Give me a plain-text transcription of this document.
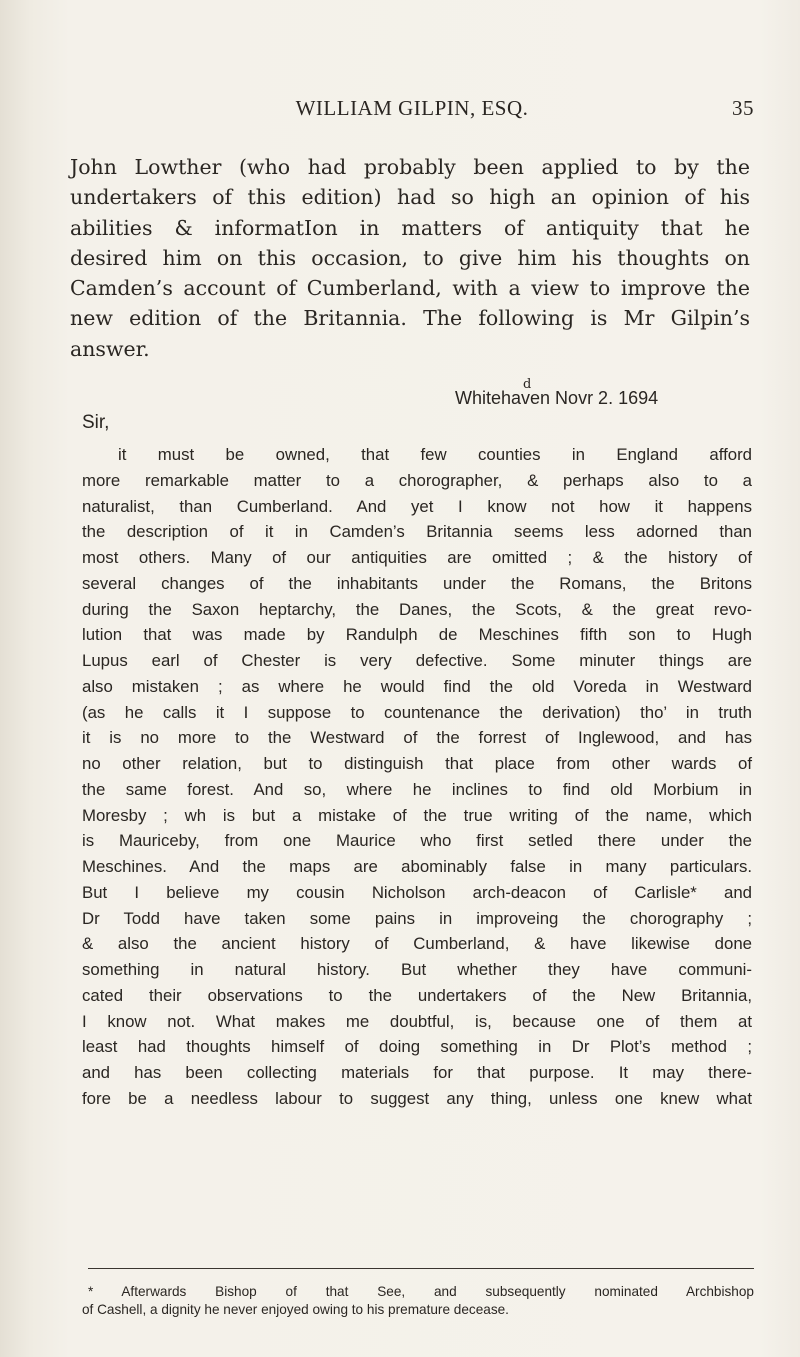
WILLIAM GILPIN, ESQ.	35

John Lowther (who had probably been applied to by the
undertakers of this edition) had so high an opinion of his
abilities & informatIon in matters of antiquity that he
desired him on this occasion, to give him his thoughts on
Camden’s account of Cumberland, with a view to improve the
new edition of the Britannia. The following is Mr Gilpin’s
answer.

d
Whitehaven Novr 2. 1694
Sir,

it must be owned, that few counties in England afford
more remarkable matter to a chorographer, & perhaps also to a
naturalist, than Cumberland. And yet I know not how it happens
the description of it in Camden’s Britannia seems less adorned than
most others. Many of our antiquities are omitted ; & the history of
several changes of the inhabitants under the Romans, the Britons
during the Saxon heptarchy, the Danes, the Scots, & the great revo-
lution that was made by Randulph de Meschines fifth son to Hugh
Lupus earl of Chester is very defective. Some minuter things are
also mistaken ; as where he would find the old Voreda in Westward
(as he calls it I suppose to countenance the derivation) tho’ in truth
it is no more to the Westward of the forrest of Inglewood, and has
no other relation, but to distinguish that place from other wards of
the same forest. And so, where he inclines to find old Morbium in
Moresby ; wh is but a mistake of the true writing of the name, which
is Mauriceby, from one Maurice who first setled there under the
Meschines. And the maps are abominably false in many particulars.
But I believe my cousin Nicholson arch-deacon of Carlisle* and
Dr Todd have taken some pains in improveing the chorography ;
& also the ancient history of Cumberland, & have likewise done
something in natural history. But whether they have communi-
cated their observations to the undertakers of the New Britannia,
I know not. What makes me doubtful, is, because one of them at
least had thoughts himself of doing something in Dr Plot’s method ;
and has been collecting materials for that purpose. It may there-
fore be a needless labour to suggest any thing, unless one knew what

* Afterwards Bishop of that See, and subsequently nominated Archbishop
of Cashell, a dignity he never enjoyed owing to his premature decease.
